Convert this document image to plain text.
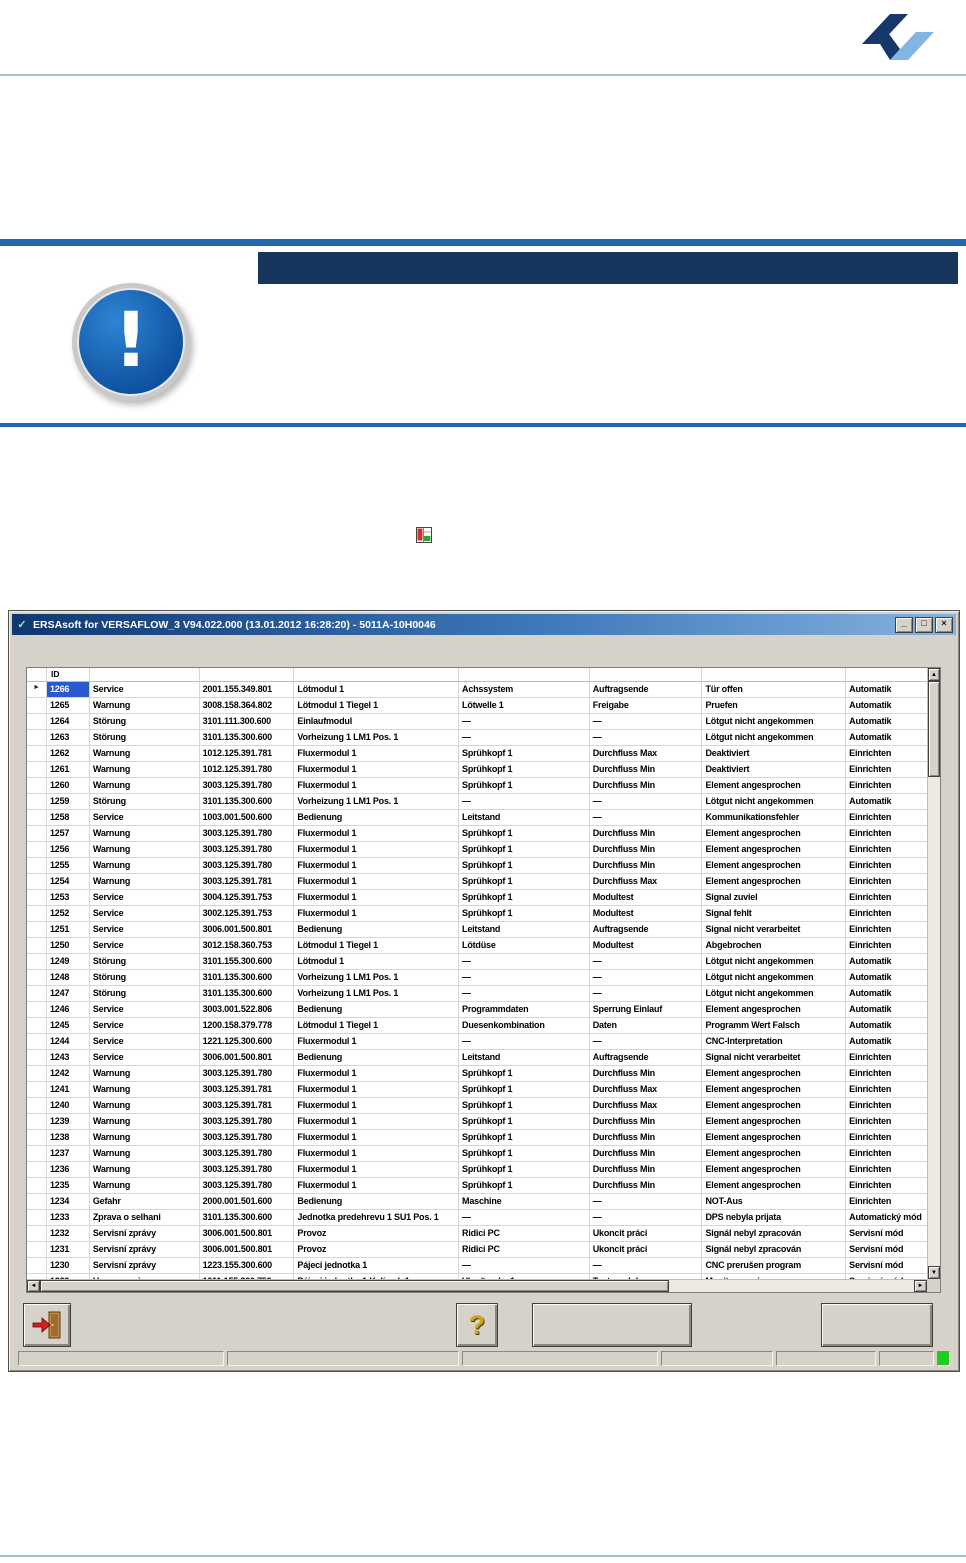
!
✓ ERSAsoft for VERSAFLOW_3 V94.022.000 (13.01.2012 16:28:20) - 5011A-10H0046	_	□	×
ID
►	1266	Service	2001.155.349.801	Lötmodul 1	Achssystem	Auftragsende	Tür offen	Automatik
1265	Warnung	3008.158.364.802	Lötmodul 1 Tiegel 1	Lötwelle 1	Freigabe	Pruefen	Automatik
1264	Störung	3101.111.300.600	Einlaufmodul	—	—	Lötgut nicht angekommen	Automatik
1263	Störung	3101.135.300.600	Vorheizung 1 LM1 Pos. 1	—	—	Lötgut nicht angekommen	Automatik
1262	Warnung	1012.125.391.781	Fluxermodul 1	Sprühkopf 1	Durchfluss Max	Deaktiviert	Einrichten
1261	Warnung	1012.125.391.780	Fluxermodul 1	Sprühkopf 1	Durchfluss Min	Deaktiviert	Einrichten
1260	Warnung	3003.125.391.780	Fluxermodul 1	Sprühkopf 1	Durchfluss Min	Element angesprochen	Einrichten
1259	Störung	3101.135.300.600	Vorheizung 1 LM1 Pos. 1	—	—	Lötgut nicht angekommen	Automatik
1258	Service	1003.001.500.600	Bedienung	Leitstand	—	Kommunikationsfehler	Einrichten
1257	Warnung	3003.125.391.780	Fluxermodul 1	Sprühkopf 1	Durchfluss Min	Element angesprochen	Einrichten
1256	Warnung	3003.125.391.780	Fluxermodul 1	Sprühkopf 1	Durchfluss Min	Element angesprochen	Einrichten
1255	Warnung	3003.125.391.780	Fluxermodul 1	Sprühkopf 1	Durchfluss Min	Element angesprochen	Einrichten
1254	Warnung	3003.125.391.781	Fluxermodul 1	Sprühkopf 1	Durchfluss Max	Element angesprochen	Einrichten
1253	Service	3004.125.391.753	Fluxermodul 1	Sprühkopf 1	Modultest	Signal zuviel	Einrichten
1252	Service	3002.125.391.753	Fluxermodul 1	Sprühkopf 1	Modultest	Signal fehlt	Einrichten
1251	Service	3006.001.500.801	Bedienung	Leitstand	Auftragsende	Signal nicht verarbeitet	Einrichten
1250	Service	3012.158.360.753	Lötmodul 1 Tiegel 1	Lötdüse	Modultest	Abgebrochen	Einrichten
1249	Störung	3101.155.300.600	Lötmodul 1	—	—	Lötgut nicht angekommen	Automatik
1248	Störung	3101.135.300.600	Vorheizung 1 LM1 Pos. 1	—	—	Lötgut nicht angekommen	Automatik
1247	Störung	3101.135.300.600	Vorheizung 1 LM1 Pos. 1	—	—	Lötgut nicht angekommen	Automatik
1246	Service	3003.001.522.806	Bedienung	Programmdaten	Sperrung Einlauf	Element angesprochen	Automatik
1245	Service	1200.158.379.778	Lötmodul 1 Tiegel 1	Duesenkombination	Daten	Programm Wert Falsch	Automatik
1244	Service	1221.125.300.600	Fluxermodul 1	—	—	CNC-Interpretation	Automatik
1243	Service	3006.001.500.801	Bedienung	Leitstand	Auftragsende	Signal nicht verarbeitet	Einrichten
1242	Warnung	3003.125.391.780	Fluxermodul 1	Sprühkopf 1	Durchfluss Min	Element angesprochen	Einrichten
1241	Warnung	3003.125.391.781	Fluxermodul 1	Sprühkopf 1	Durchfluss Max	Element angesprochen	Einrichten
1240	Warnung	3003.125.391.781	Fluxermodul 1	Sprühkopf 1	Durchfluss Max	Element angesprochen	Einrichten
1239	Warnung	3003.125.391.780	Fluxermodul 1	Sprühkopf 1	Durchfluss Min	Element angesprochen	Einrichten
1238	Warnung	3003.125.391.780	Fluxermodul 1	Sprühkopf 1	Durchfluss Min	Element angesprochen	Einrichten
1237	Warnung	3003.125.391.780	Fluxermodul 1	Sprühkopf 1	Durchfluss Min	Element angesprochen	Einrichten
1236	Warnung	3003.125.391.780	Fluxermodul 1	Sprühkopf 1	Durchfluss Min	Element angesprochen	Einrichten
1235	Warnung	3003.125.391.780	Fluxermodul 1	Sprühkopf 1	Durchfluss Min	Element angesprochen	Einrichten
1234	Gefahr	2000.001.501.600	Bedienung	Maschine	—	NOT-Aus	Einrichten
1233	Zprava o selhani	3101.135.300.600	Jednotka predehrevu 1 SU1 Pos. 1	—	—	DPS nebyla prijata	Automatický mód
1232	Servisní zprávy	3006.001.500.801	Provoz	Ridici PC	Ukoncit práci	Signál nebyl zpracován	Servisní mód
1231	Servisní zprávy	3006.001.500.801	Provoz	Ridici PC	Ukoncit práci	Signál nebyl zpracován	Servisní mód
1230	Servisní zprávy	1223.155.300.600	Pájeci jednotka 1	—	—	CNC prerušen program	Servisní mód
▲
▼
◄	►
?
